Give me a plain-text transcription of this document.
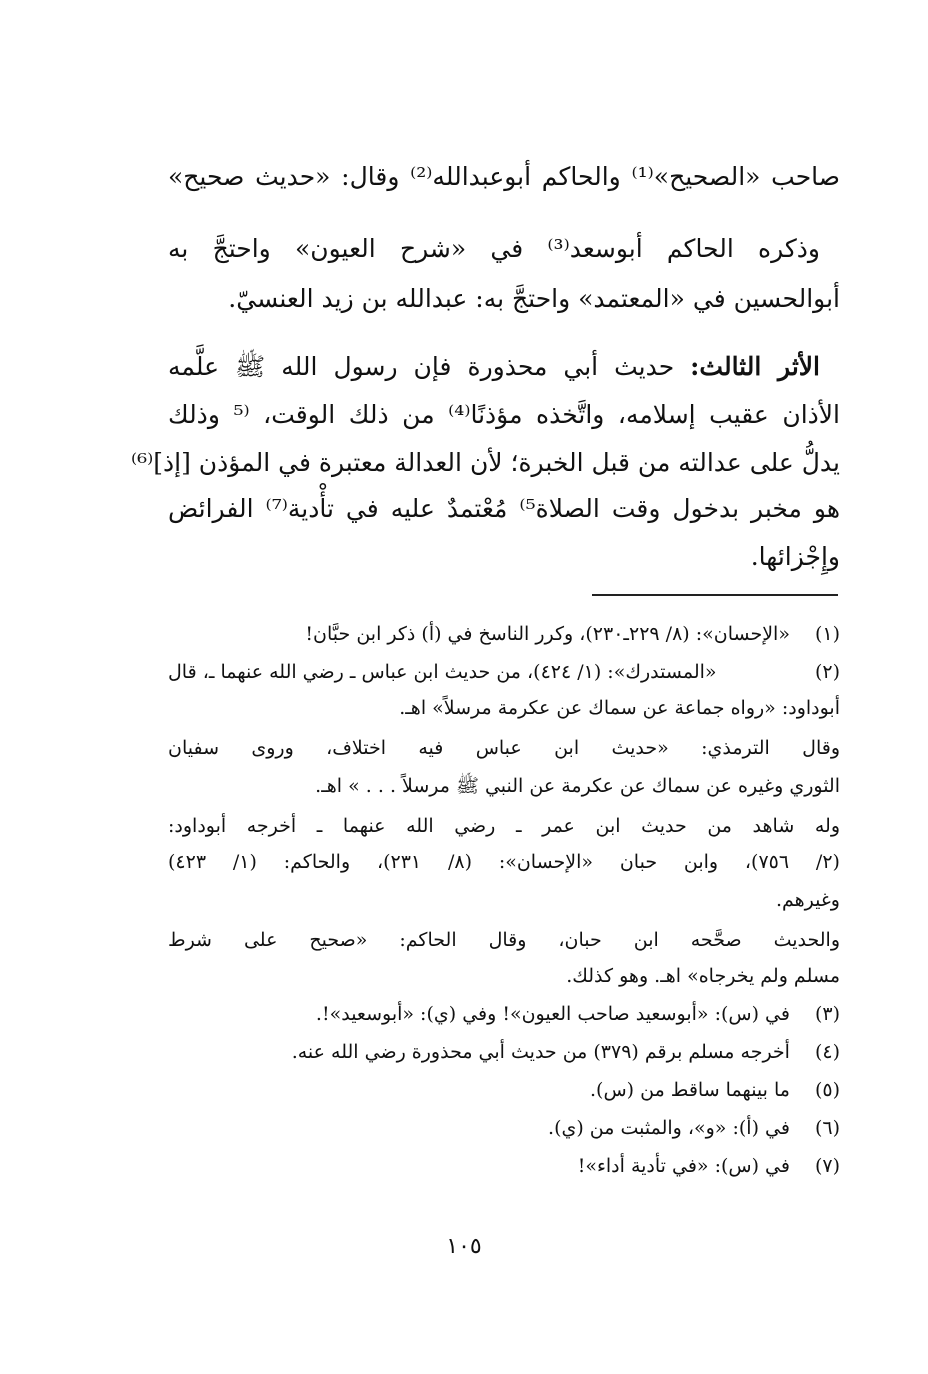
صاحب «الصحيح»⁽¹⁾ والحاكم أبوعبدالله⁽²⁾ وقال: «حديث صحيح»
وذكره الحاكم أبوسعد⁽³⁾ في «شرح العيون» واحتجَّ به
أبوالحسين في «المعتمد» واحتجَّ به: عبدالله بن زيد العنسيّ.
الأثر الثالث: حديث أبي محذورة فإن رسول الله ﷺ علَّمه
الأذان عقيب إسلامه، واتَّخذه مؤذنًا⁽⁴⁾ من ذلك الوقت، ⁽⁵ وذلك
يدلُّ على عدالته من قبل الخبرة؛ لأن العدالة معتبرة في المؤذن [إذ]⁽⁶⁾
هو مخبر بدخول وقت الصلاة⁵⁾ مُعْتمدٌ عليه في تأْدية⁽⁷⁾ الفرائض
وإِجْزائها.
(١) «الإحسان»: (٨/ ٢٢٩ـ٢٣٠)، وكرر الناسخ في (أ) ذكر ابن حبَّان!
(٢) «المستدرك»: (١/ ٤٢٤)، من حديث ابن عباس ـ رضي الله عنهما ـ، قال
أبوداود: «رواه جماعة عن سماك عن عكرمة مرسلاً» اهـ.
وقال الترمذي: «حديث ابن عباس فيه اختلاف، وروى سفيان
الثوري وغيره عن سماك عن عكرمة عن النبي ﷺ مرسلاً . . . » اهـ.
وله شاهد من حديث ابن عمر ـ رضي الله عنهما ـ أخرجه أبوداود:
(٢/ ٧٥٦)، وابن حبان «الإحسان»: (٨/ ٢٣١)، والحاكم: (١/ ٤٢٣)
وغيرهم.
والحديث صحَّحه ابن حبان، وقال الحاكم: «صحيح على شرط
مسلم ولم يخرجاه» اهـ. وهو كذلك.
(٣) في (س): «أبوسعيد صاحب العيون»! وفي (ي): «أبوسعيد»!.
(٤) أخرجه مسلم برقم (٣٧٩) من حديث أبي محذورة رضي الله عنه.
(٥) ما بينهما ساقط من (س).
(٦) في (أ): «و»، والمثبت من (ي).
(٧) في (س): «في تأدية أداء»!
١٠٥
